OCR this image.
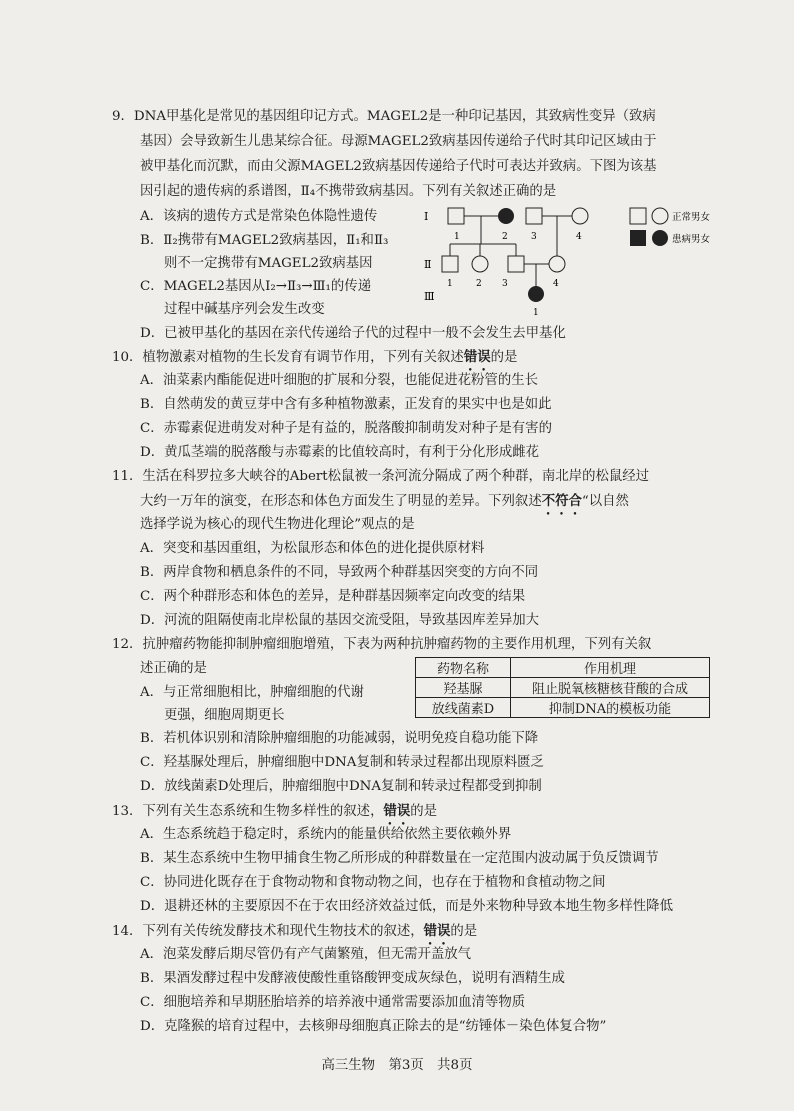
9．DNA甲基化是常见的基因组印记方式。MAGEL2是一种印记基因，其致病性变异（致病
基因）会导致新生儿患某综合征。母源MAGEL2致病基因传递给子代时其印记区域由于
被甲基化而沉默，而由父源MAGEL2致病基因传递给子代时可表达并致病。下图为该基
因引起的遗传病的系谱图，Ⅱ₄不携带致病基因。下列有关叙述正确的是
A．该病的遗传方式是常染色体隐性遗传
B．Ⅱ₂携带有MAGEL2致病基因，Ⅱ₁和Ⅱ₃
则不一定携带有MAGEL2致病基因
C．MAGEL2基因从Ⅰ₂→Ⅱ₃→Ⅲ₁的传递
过程中碱基序列会发生改变
D．已被甲基化的基因在亲代传递给子代的过程中一般不会发生去甲基化
Ⅰ
Ⅱ
Ⅲ
1	2	3	4
1	2 3	4
1
正常男女
患病男女
10．植物激素对植物的生长发育有调节作用，下列有关叙述错误的是
A．油菜素内酯能促进叶细胞的扩展和分裂，也能促进花粉管的生长
B．自然萌发的黄豆芽中含有多种植物激素，正发育的果实中也是如此
C．赤霉素促进萌发对种子是有益的，脱落酸抑制萌发对种子是有害的
D．黄瓜茎端的脱落酸与赤霉素的比值较高时，有利于分化形成雌花
11．生活在科罗拉多大峡谷的Abert松鼠被一条河流分隔成了两个种群，南北岸的松鼠经过
大约一万年的演变，在形态和体色方面发生了明显的差异。下列叙述不符合“以自然
选择学说为核心的现代生物进化理论”观点的是
A．突变和基因重组，为松鼠形态和体色的进化提供原材料
B．两岸食物和栖息条件的不同，导致两个种群基因突变的方向不同
C．两个种群形态和体色的差异，是种群基因频率定向改变的结果
D．河流的阻隔使南北岸松鼠的基因交流受阻，导致基因库差异加大
12．抗肿瘤药物能抑制肿瘤细胞增殖，下表为两种抗肿瘤药物的主要作用机理，下列有关叙
述正确的是
A．与正常细胞相比，肿瘤细胞的代谢
更强，细胞周期更长
药物名称	作用机理
羟基脲	阻止脱氧核糖核苷酸的合成
放线菌素D	抑制DNA的模板功能
B．若机体识别和清除肿瘤细胞的功能减弱，说明免疫自稳功能下降
C．羟基脲处理后，肿瘤细胞中DNA复制和转录过程都出现原料匮乏
D．放线菌素D处理后，肿瘤细胞中DNA复制和转录过程都受到抑制
13．下列有关生态系统和生物多样性的叙述，错误的是
A．生态系统趋于稳定时，系统内的能量供给依然主要依赖外界
B．某生态系统中生物甲捕食生物乙所形成的种群数量在一定范围内波动属于负反馈调节
C．协同进化既存在于食物动物和食物动物之间，也存在于植物和食植动物之间
D．退耕还林的主要原因不在于农田经济效益过低，而是外来物种导致本地生物多样性降低
14．下列有关传统发酵技术和现代生物技术的叙述，错误的是
A．泡菜发酵后期尽管仍有产气菌繁殖，但无需开盖放气
B．果酒发酵过程中发酵液使酸性重铬酸钾变成灰绿色，说明有酒精生成
C．细胞培养和早期胚胎培养的培养液中通常需要添加血清等物质
D．克隆猴的培育过程中，去核卵母细胞真正除去的是“纺锤体－染色体复合物”
高三生物　第3页　共8页
